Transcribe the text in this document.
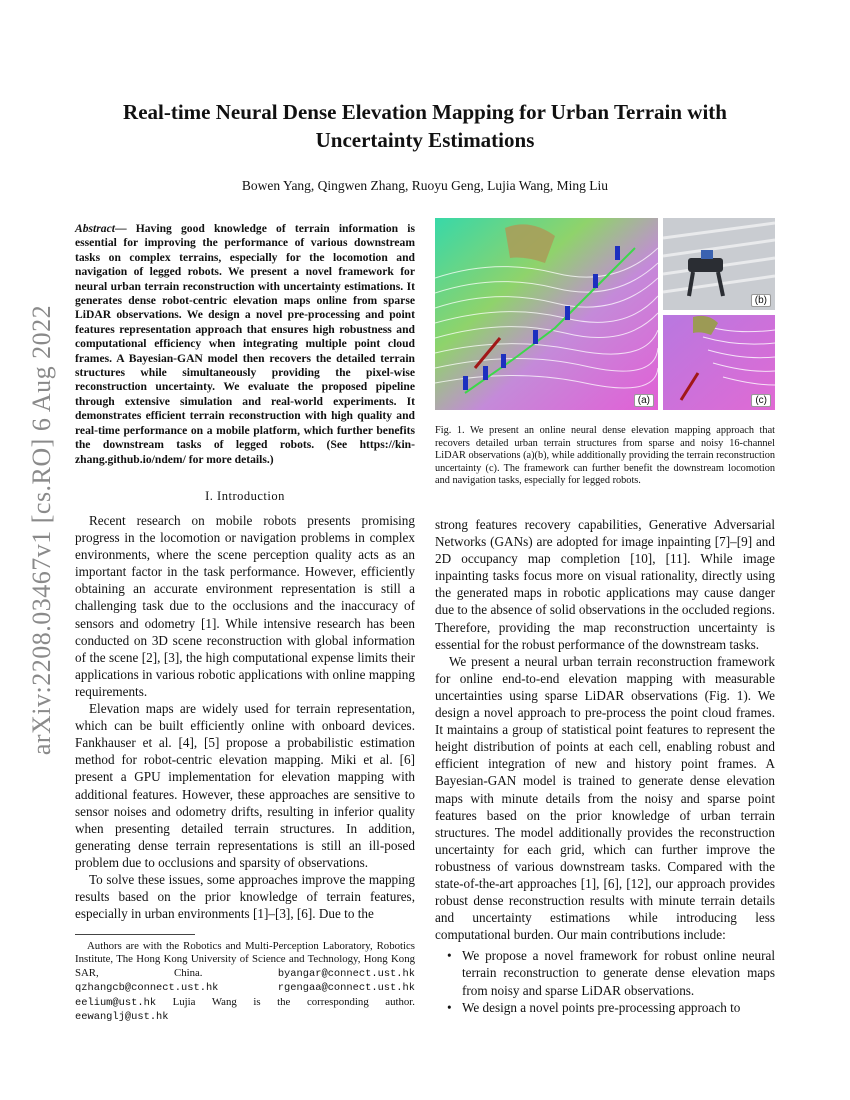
arXiv:2208.03467v1 [cs.RO] 6 Aug 2022
Real-time Neural Dense Elevation Mapping for Urban Terrain with Uncertainty Estimations
Bowen Yang, Qingwen Zhang, Ruoyu Geng, Lujia Wang, Ming Liu
Abstract— Having good knowledge of terrain information is essential for improving the performance of various downstream tasks on complex terrains, especially for the locomotion and navigation of legged robots. We present a novel framework for neural urban terrain reconstruction with uncertainty estimations. It generates dense robot-centric elevation maps online from sparse LiDAR observations. We design a novel pre-processing and point features representation approach that ensures high robustness and computational efficiency when integrating multiple point cloud frames. A Bayesian-GAN model then recovers the detailed terrain structures while simultaneously providing the pixel-wise reconstruction uncertainty. We evaluate the proposed pipeline through extensive simulation and real-world experiments. It demonstrates efficient terrain reconstruction with high quality and real-time performance on a mobile platform, which further benefits the downstream tasks of legged robots. (See https://kin-zhang.github.io/ndem/ for more details.)
I. Introduction

Recent research on mobile robots presents promising progress in the locomotion or navigation problems in complex environments, where the scene perception quality acts as an important factor in the task performance. However, efficiently obtaining an accurate environment representation is still a challenging task due to the occlusions and the inaccuracy of sensors and odometry [1]. While intensive research has been conducted on 3D scene reconstruction with global information of the scene [2], [3], the high computational expense limits their applications in various robotic applications with online mapping requirements.

Elevation maps are widely used for terrain representation, which can be built efficiently online with onboard devices. Fankhauser et al. [4], [5] propose a probabilistic estimation method for robot-centric elevation mapping. Miki et al. [6] present a GPU implementation for elevation mapping with additional features. However, these approaches are sensitive to sensor noises and odometry drifts, resulting in inferior quality when presenting detailed terrain structures. In addition, generating dense terrain representations is still an ill-posed problem due to occlusions and sparsity of observations.

To solve these issues, some approaches improve the mapping results based on the prior knowledge of terrain features, especially in urban environments [1]–[3], [6]. Due to the

Authors are with the Robotics and Multi-Perception Laboratory, Robotics Institute, The Hong Kong University of Science and Technology, Hong Kong SAR, China.	byangar@connect.ust.hk qzhangcb@connect.ust.hk rgengaa@connect.ust.hk eelium@ust.hk Lujia Wang is the corresponding author. eewanglj@ust.hk

(a)
(b)
(c)
Fig. 1. We present an online neural dense elevation mapping approach that recovers detailed urban terrain structures from sparse and noisy 16-channel LiDAR observations (a)(b), while additionally providing the terrain reconstruction uncertainty (c). The framework can further benefit the downstream locomotion and navigation tasks, especially for legged robots.

strong features recovery capabilities, Generative Adversarial Networks (GANs) are adopted for image inpainting [7]–[9] and 2D occupancy map completion [10], [11]. While image inpainting tasks focus more on visual rationality, directly using the generated maps in robotic applications may cause danger due to the absence of solid observations in the occluded regions. Therefore, providing the map reconstruction uncertainty is essential for the robust performance of the downstream tasks.

We present a neural urban terrain reconstruction framework for online end-to-end elevation mapping with measurable uncertainties using sparse LiDAR observations (Fig. 1). We design a novel approach to pre-process the point cloud frames. It maintains a group of statistical point features to represent the height distribution of points at each cell, enabling robust and efficient integration of new and history point frames. A Bayesian-GAN model is trained to generate dense elevation maps with minute details from the noisy and sparse point features based on the prior knowledge of urban terrain structures. The model additionally provides the reconstruction uncertainty for each grid, which can further improve the robustness of various downstream tasks. Compared with the state-of-the-art approaches [1], [6], [12], our approach provides robust dense reconstruction results with minute terrain details and uncertainty estimations while introducing less computational burden. Our main contributions include:

• We propose a novel framework for robust online neural terrain reconstruction to generate dense elevation maps from noisy and sparse LiDAR observations.
• We design a novel points pre-processing approach to
